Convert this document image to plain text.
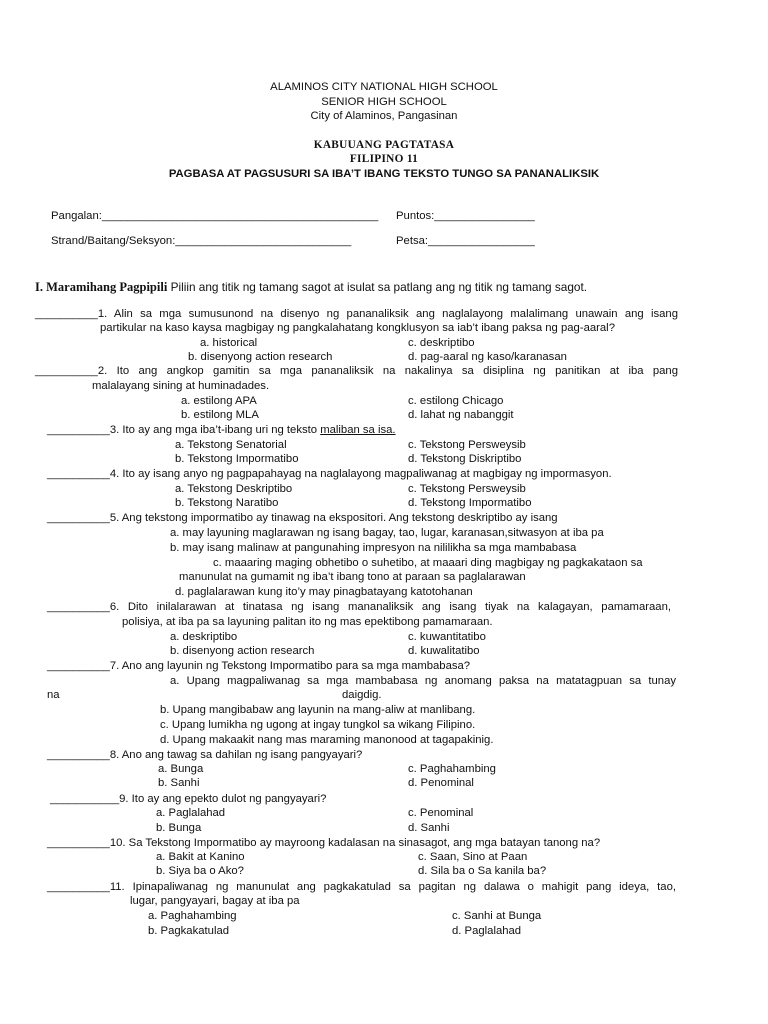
ALAMINOS CITY NATIONAL HIGH SCHOOL
SENIOR HIGH SCHOOL
City of Alaminos, Pangasinan
KABUUANG PAGTATASA
FILIPINO 11
PAGBASA AT PAGSUSURI SA IBA’T IBANG TEKSTO TUNGO SA PANANALIKSIK
Pangalan:____________________________________________ Puntos:________________
Strand/Baitang/Seksyon:____________________________	Petsa:_________________
I. Maramihang Pagpipili Piliin ang titik ng tamang sagot at isulat sa patlang ang ng titik ng tamang sagot.
__________1. Alin sa mga sumusunond na disenyo ng pananaliksik ang naglalayong malalimang unawain ang isang
partikular na kaso kaysa magbigay ng pangkalahatang kongklusyon sa iab’t ibang paksa ng pag-aaral?
a. historical	c. deskriptibo
b. disenyong action research	d. pag-aaral ng kaso/karanasan
__________2. Ito ang angkop gamitin sa mga pananaliksik na nakalinya sa disiplina ng panitikan at iba pang
malalayang sining at huminadades.
a. estilong APA	c. estilong Chicago
b. estilong MLA	d. lahat ng nabanggit
__________3. Ito ay ang mga iba’t-ibang uri ng teksto maliban sa isa.
a. Tekstong Senatorial	c. Tekstong Persweysib
b. Tekstong Impormatibo	d. Tekstong Diskriptibo
__________4. Ito ay isang anyo ng pagpapahayag na naglalayong magpaliwanag at magbigay ng impormasyon.
a. Tekstong Deskriptibo	c. Tekstong Persweysib
b. Tekstong Naratibo	d. Tekstong Impormatibo
__________5. Ang tekstong impormatibo ay tinawag na ekspositori. Ang tekstong deskriptibo ay isang
a. may layuning maglarawan ng isang bagay, tao, lugar, karanasan,sitwasyon at iba pa
b. may isang malinaw at pangunahing impresyon na nililikha sa mga mambabasa
c. maaaring maging obhetibo o suhetibo, at maaari ding magbigay ng pagkakataon sa
manunulat na gumamit ng iba’t ibang tono at paraan sa paglalarawan
d. paglalarawan kung ito’y may pinagbatayang katotohanan
__________6. Dito inilalarawan at tinatasa ng isang mananaliksik ang isang tiyak na kalagayan, pamamaraan,
polisiya, at iba pa sa layuning palitan ito ng mas epektibong pamamaraan.
a. deskriptibo	c. kuwantitatibo
b. disenyong action research	d. kuwalitatibo
__________7. Ano ang layunin ng Tekstong Impormatibo para sa mga mambabasa?
a. Upang magpaliwanag sa mga mambabasa ng anomang paksa na matatagpuan sa tunay
na	daigdig.
b. Upang mangibabaw ang layunin na mang-aliw at manlibang.
c. Upang lumikha ng ugong at ingay tungkol sa wikang Filipino.
d. Upang makaakit nang mas maraming manonood at tagapakinig.
__________8. Ano ang tawag sa dahilan ng isang pangyayari?
a. Bunga	c. Paghahambing
b. Sanhi	d. Penominal
___________9. Ito ay ang epekto dulot ng pangyayari?
a. Paglalahad	c. Penominal
b. Bunga	d. Sanhi
__________10. Sa Tekstong Impormatibo ay mayroong kadalasan na sinasagot, ang mga batayan tanong na?
a. Bakit at Kanino	c. Saan, Sino at Paan
b. Siya ba o Ako?	d. Sila ba o Sa kanila ba?
__________11. Ipinapaliwanag ng manunulat ang pagkakatulad sa pagitan ng dalawa o mahigit pang ideya, tao,
lugar, pangyayari, bagay at iba pa
a. Paghahambing	c. Sanhi at Bunga
b. Pagkakatulad	d. Paglalahad
